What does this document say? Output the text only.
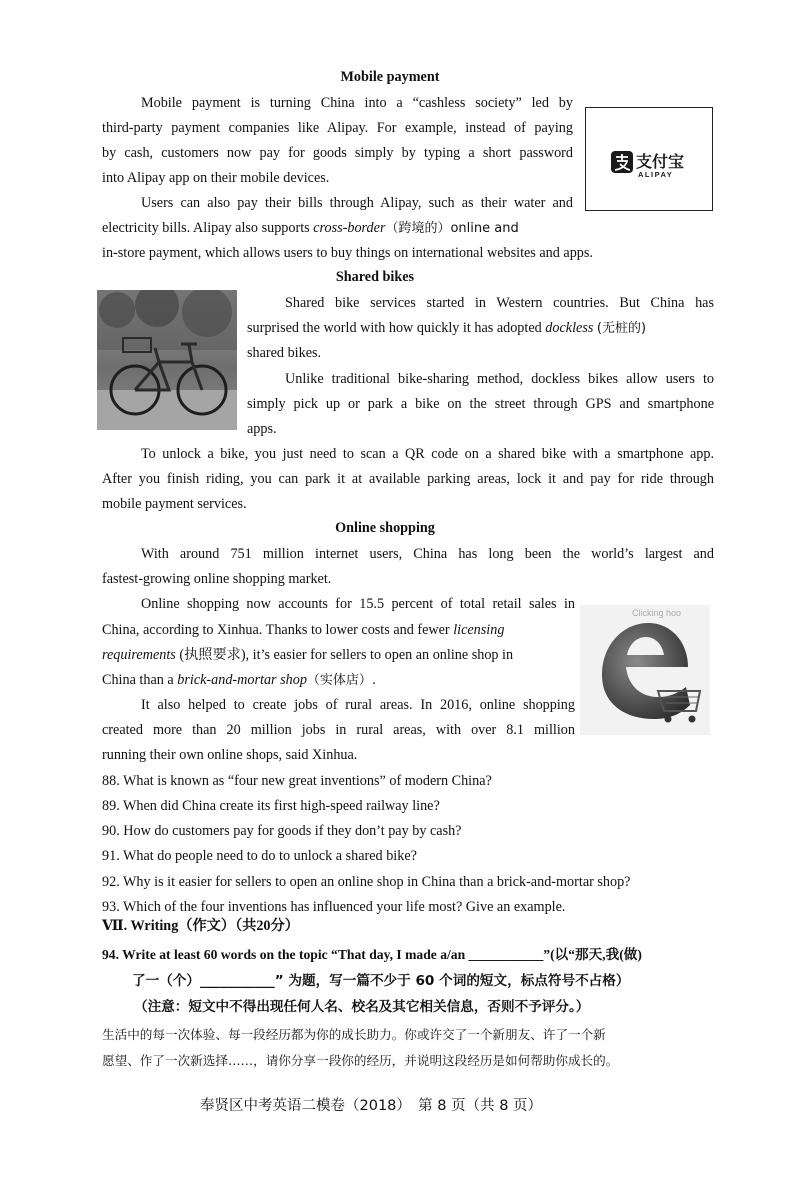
Mobile payment
Mobile payment is turning China into a “cashless society” led by
third-party payment companies like Alipay. For example, instead of paying
by cash, customers now pay for goods simply by typing a short password
into Alipay app on their mobile devices.
Users can also pay their bills through Alipay, such as their water and
electricity bills. Alipay also supports cross-border（跨境的）online and
in-store payment, which allows users to buy things on international websites and apps.
支付宝
ALIPAY
Shared bikes
Shared bike services started in Western countries. But China has
surprised the world with how quickly it has adopted dockless (无桩的)
shared bikes.
Unlike traditional bike-sharing method, dockless bikes allow users to
simply pick up or park a bike on the street through GPS and smartphone
apps.
To unlock a bike, you just need to scan a QR code on a shared bike with a smartphone app.
After you finish riding, you can park it at available parking areas, lock it and pay for ride through
mobile payment services.
Online shopping
With around 751 million internet users, China has long been the world’s largest and
fastest-growing online shopping market.
Online shopping now accounts for 15.5 percent of total retail sales in
China, according to Xinhua. Thanks to lower costs and fewer licensing
requirements (执照要求), it’s easier for sellers to open an online shop in
China than a brick-and-mortar shop（实体店）.
It also helped to create jobs of rural areas. In 2016, online shopping
created more than 20 million jobs in rural areas, with over 8.1 million
running their own online shops, said Xinhua.
Clicking hoo
88. What is known as “four new great inventions” of modern China?
89. When did China create its first high-speed railway line?
90. How do customers pay for goods if they don’t pay by cash?
91. What do people need to do to unlock a shared bike?
92. Why is it easier for sellers to open an online shop in China than a brick-and-mortar shop?
93. Which of the four inventions has influenced your life most? Give an example.
Ⅶ. Writing（作文）（共20分）
94. Write at least 60 words on the topic “That day, I made a/an ___________”(以“那天,我(做)
了一（个）___________” 为题，写一篇不少于 60 个词的短文，标点符号不占格）
（注意：短文中不得出现任何人名、校名及其它相关信息，否则不予评分。）
生活中的每一次体验、每一段经历都为你的成长助力。你或许交了一个新朋友、许了一个新
愿望、作了一次新选择……，请你分享一段你的经历，并说明这段经历是如何帮助你成长的。
奉贤区中考英语二模卷（2018）　第 8 页（共 8 页）
